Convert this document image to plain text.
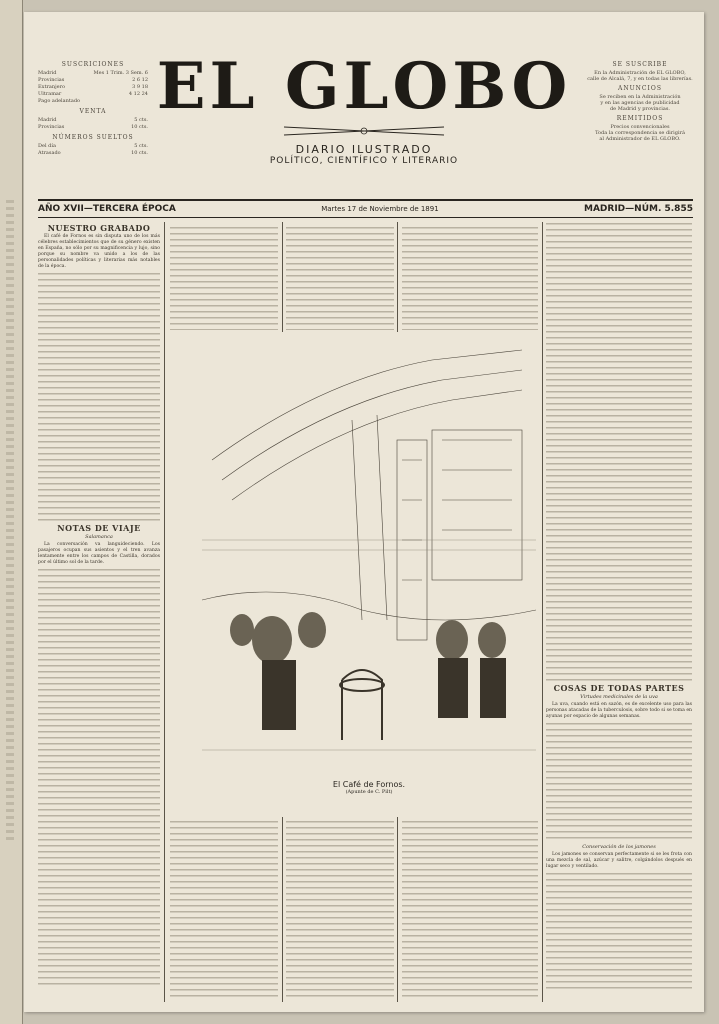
SUSCRICIONES
Madrid	Mes 1 Trim. 3 Sem. 6
Provincias	2 6 12
Extranjero	3 9 18
Ultramar	4 12 24
Pago adelantado
VENTA
Madrid	5 cts.
Provincias	10 cts.
NÚMEROS SUELTOS
Del día	5 cts.
Atrasado	10 cts.
EL GLOBO
DIARIO ILUSTRADO
POLÍTICO, CIENTÍFICO Y LITERARIO
SE SUSCRIBE
En la Administración de EL GLOBO,
calle de Alcalá, 7, y en todas las librerías.
ANUNCIOS
Se reciben en la Administración
y en las agencias de publicidad
de Madrid y provincias.
REMITIDOS
Precios convencionales
Toda la correspondencia se dirigirá
al Administrador de EL GLOBO.
AÑO XVII—TERCERA ÉPOCA	Martes 17 de Noviembre de 1891	MADRID—NÚM. 5.855
NUESTRO GRABADO

El café de Fornos es sin disputa uno de los más célebres establecimientos que de su género existen en España, no sólo por su magnificencia y lujo, sino porque su nombre va unido a los de las personalidades políticas y literarias más notables de la época.

NOTAS DE VIAJE
Salamanca

La conversación va languideciendo. Los pasajeros ocupan sus asientos y el tren avanza lentamente entre los campos de Castilla, dorados por el último sol de la tarde.

El Café de Fornos.
(Apunte de C. Pilt)
COSAS DE TODAS PARTES
Virtudes medicinales de la uva

La uva, cuando está en sazón, es de excelente uso para las personas atacadas de la tuberculosis, sobre todo si se toma en ayunas por espacio de algunas semanas.

Conservación de los jamones

Los jamones se conservan perfectamente si se les frota con una mezcla de sal, azúcar y salitre, colgándolos después en lugar seco y ventilado.
